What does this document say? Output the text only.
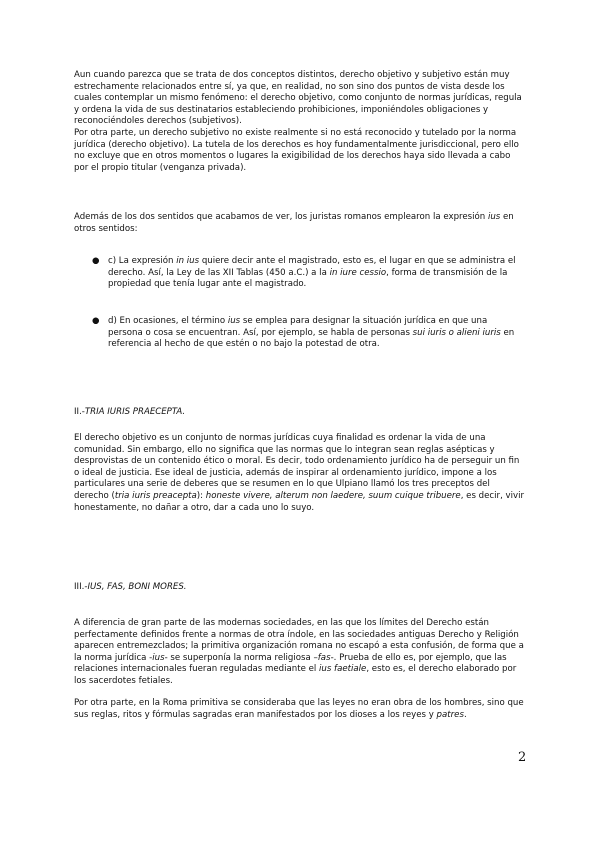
Aun cuando parezca que se trata de dos conceptos distintos, derecho objetivo y subjetivo están muy estrechamente relacionados entre sí, ya que, en realidad, no son sino dos puntos de vista desde los cuales contemplar un mismo fenómeno: el derecho objetivo, como conjunto de normas jurídicas, regula y ordena la vida de sus destinatarios estableciendo prohibiciones, imponiéndoles obligaciones y reconociéndoles derechos (subjetivos).

Por otra parte, un derecho subjetivo no existe realmente si no está reconocido y tutelado por la norma jurídica (derecho objetivo). La tutela de los derechos es hoy fundamentalmente jurisdiccional, pero ello no excluye que en otros momentos o lugares la exigibilidad de los derechos haya sido llevada a cabo por el propio titular (venganza privada).

Además de los dos sentidos que acabamos de ver, los juristas romanos emplearon la expresión ius en otros sentidos:

● c) La expresión in ius quiere decir ante el magistrado, esto es, el lugar en que se administra el derecho. Así, la Ley de las XII Tablas (450 a.C.) a la in iure cessio, forma de transmisión de la propiedad que tenía lugar ante el magistrado.
● d) En ocasiones, el término ius se emplea para designar la situación jurídica en que una persona o cosa se encuentran. Así, por ejemplo, se habla de personas sui iuris o alieni iuris en referencia al hecho de que estén o no bajo la potestad de otra.
II.-TRIA IURIS PRAECEPTA.

El derecho objetivo es un conjunto de normas jurídicas cuya finalidad es ordenar la vida de una comunidad. Sin embargo, ello no significa que las normas que lo integran sean reglas asépticas y desprovistas de un contenido ético o moral. Es decir, todo ordenamiento jurídico ha de perseguir un fin o ideal de justicia. Ese ideal de justicia, además de inspirar al ordenamiento jurídico, impone a los particulares una serie de deberes que se resumen en lo que Ulpiano llamó los tres preceptos del derecho (tria iuris preacepta): honeste vivere, alterum non laedere, suum cuique tribuere, es decir, vivir honestamente, no dañar a otro, dar a cada uno lo suyo.

III.-IUS, FAS, BONI MORES.

A diferencia de gran parte de las modernas sociedades, en las que los límites del Derecho están perfectamente definidos frente a normas de otra índole, en las sociedades antiguas Derecho y Religión aparecen entremezclados; la primitiva organización romana no escapó a esta confusión, de forma que a la norma jurídica -ius- se superponía la norma religiosa –fas-. Prueba de ello es, por ejemplo, que las relaciones internacionales fueran reguladas mediante el ius faetiale, esto es, el derecho elaborado por los sacerdotes fetiales.

Por otra parte, en la Roma primitiva se consideraba que las leyes no eran obra de los hombres, sino que sus reglas, ritos y fórmulas sagradas eran manifestados por los dioses a los reyes y patres.

2
